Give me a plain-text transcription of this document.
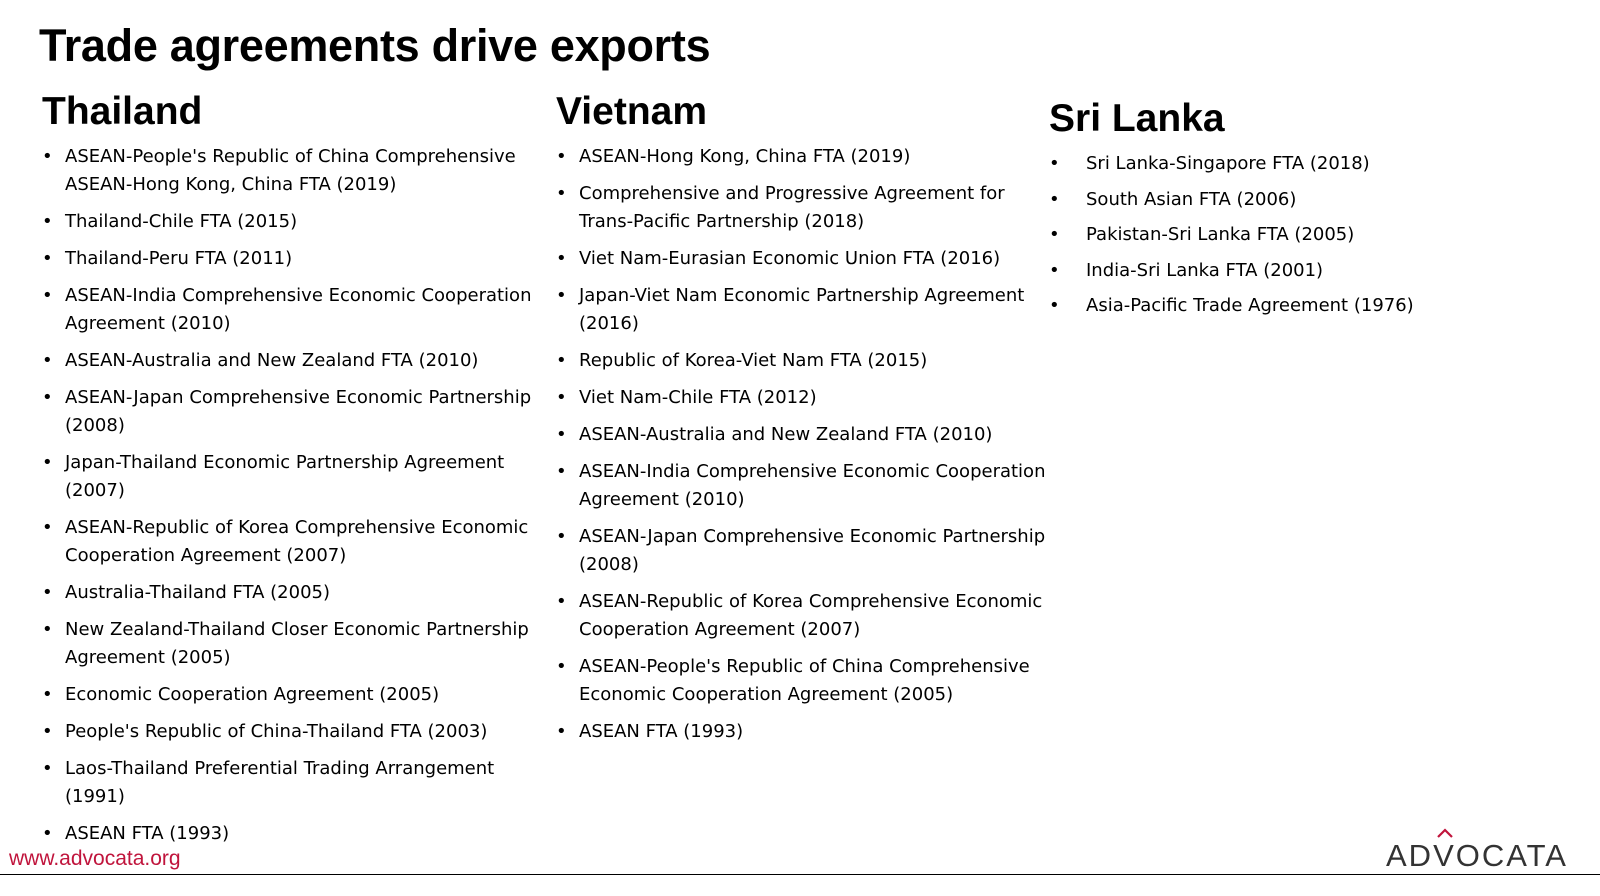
Trade agreements drive exports
Thailand
• ASEAN-People's Republic of China Comprehensive ASEAN-Hong Kong, China FTA (2019)
• Thailand-Chile FTA (2015)
• Thailand-Peru FTA (2011)
• ASEAN-India Comprehensive Economic Cooperation Agreement (2010)
• ASEAN-Australia and New Zealand FTA (2010)
• ASEAN-Japan Comprehensive Economic Partnership (2008)
• Japan-Thailand Economic Partnership Agreement (2007)
• ASEAN-Republic of Korea Comprehensive Economic Cooperation Agreement (2007)
• Australia-Thailand FTA (2005)
• New Zealand-Thailand Closer Economic Partnership Agreement (2005)
• Economic Cooperation Agreement (2005)
• People's Republic of China-Thailand FTA (2003)
• Laos-Thailand Preferential Trading Arrangement (1991)
• ASEAN FTA (1993)
Vietnam
• ASEAN-Hong Kong, China FTA (2019)
• Comprehensive and Progressive Agreement for Trans-Pacific Partnership (2018)
• Viet Nam-Eurasian Economic Union FTA (2016)
• Japan-Viet Nam Economic Partnership Agreement (2016)
• Republic of Korea-Viet Nam FTA (2015)
• Viet Nam-Chile FTA (2012)
• ASEAN-Australia and New Zealand FTA (2010)
• ASEAN-India Comprehensive Economic Cooperation Agreement (2010)
• ASEAN-Japan Comprehensive Economic Partnership (2008)
• ASEAN-Republic of Korea Comprehensive Economic Cooperation Agreement (2007)
• ASEAN-People's Republic of China Comprehensive Economic Cooperation Agreement (2005)
• ASEAN FTA (1993)
Sri Lanka
• Sri Lanka-Singapore FTA (2018)
• South Asian FTA (2006)
• Pakistan-Sri Lanka FTA (2005)
• India-Sri Lanka FTA (2001)
• Asia-Pacific Trade Agreement (1976)
www.advocata.org	ADVOCATA
